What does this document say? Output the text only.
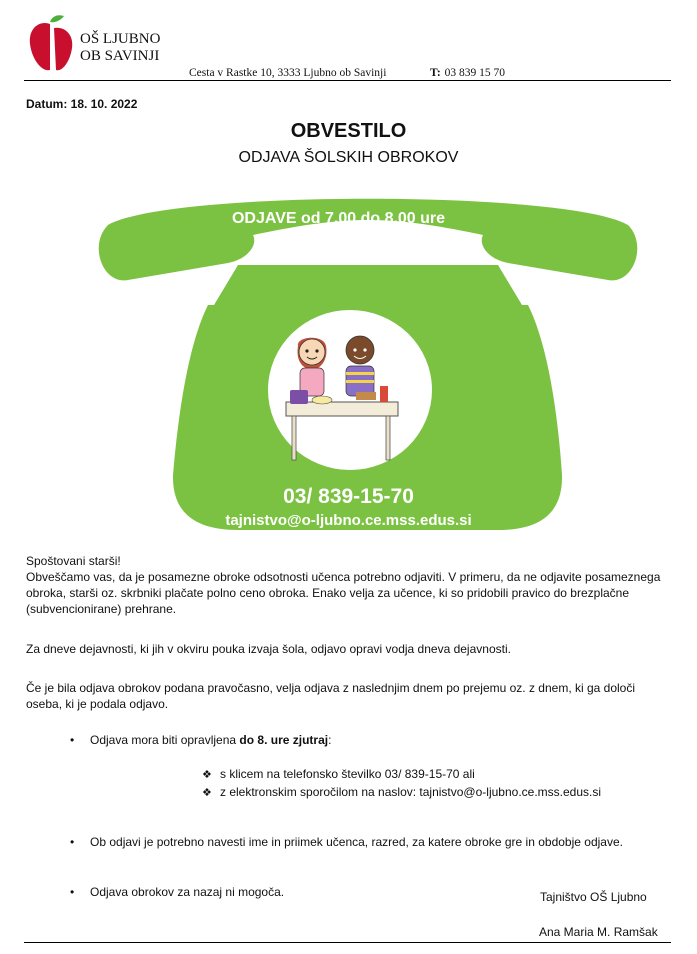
OŠ LJUBNO
OB SAVINJI
Cesta v Rastke 10, 3333 Ljubno ob Savinji	T: 03 839 15 70
Datum: 18. 10. 2022
OBVESTILO
ODJAVA ŠOLSKIH OBROKOV
ODJAVE od 7.00 do 8.00 ure
03/ 839-15-70
tajnistvo@o-ljubno.ce.mss.edus.si
Spoštovani starši!
Obveščamo vas, da je posamezne obroke odsotnosti učenca potrebno odjaviti. V primeru, da ne odjavite posameznega obroka, starši oz. skrbniki plačate polno ceno obroka. Enako velja za učence, ki so pridobili pravico do brezplačne (subvencionirane) prehrane.
Za dneve dejavnosti, ki jih v okviru pouka izvaja šola, odjavo opravi vodja dneva dejavnosti.
Če je bila odjava obrokov podana pravočasno, velja odjava z naslednjim dnem po prejemu oz. z dnem, ki ga določi oseba, ki je podala odjavo.
• Odjava mora biti opravljena do 8. ure zjutraj:
❖ s klicem na telefonsko številko 03/ 839-15-70 ali
❖ z elektronskim sporočilom na naslov: tajnistvo@o-ljubno.ce.mss.edus.si
• Ob odjavi je potrebno navesti ime in priimek učenca, razred, za katere obroke gre in obdobje odjave.
• Odjava obrokov za nazaj ni mogoča.	Tajništvo OŠ Ljubno
Ana Maria M. Ramšak
